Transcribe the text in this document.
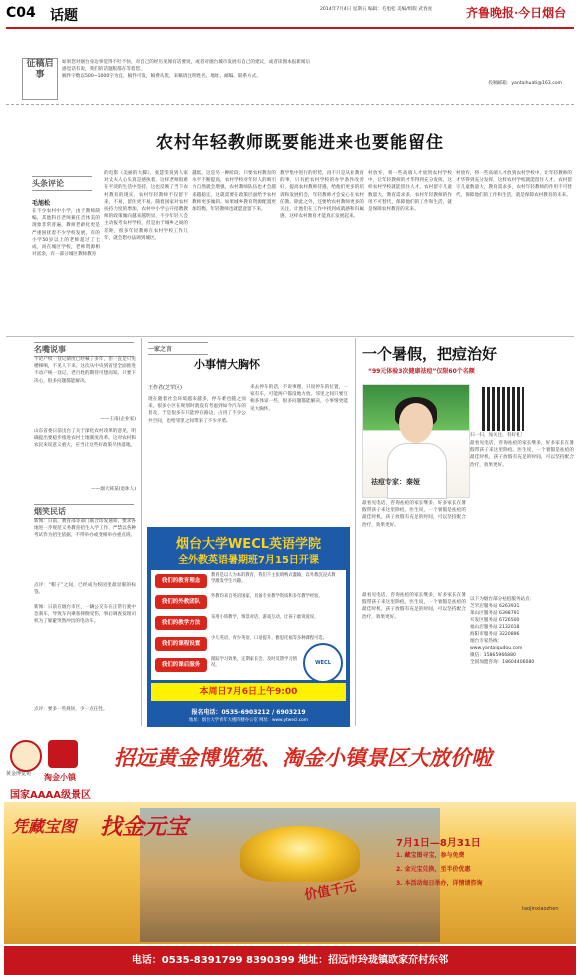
C04 话题	2014年7月4日 星期五 编辑：毛旭松 美编/组版 武春虎	齐鲁晚报·今日烟台
征稿启事
如果您对烟台身边事觉得不吐不快，对自己的经历见闻有话要说，或者对烟台城市发展有自己的建议，或者读图本报新闻后
感觉话有说，我们的话题版都在等着您。
稿件字数以500~1000字为宜，稿件可发，稿费从优，来稿请注明姓名、地址、邮编、联系方式。
投稿邮箱：yantaihuati@163.com
农村年轻教师既要能进来也要能留住
头条评论
毛旭松
在不少农村中小学，由于教师缺编，其他科目老师兼任音体美的现象非常普遍，教师老龄化更是严重困扰着不少学校发展，有的小学50岁以上的老师超过了七成，而在城区学校，老师资源相对富余，有一部分城区教师教育
的电影《美丽的大脚》，张慧雯说到人家对丈夫人心头真是感执着，这样老师很难在平淡的生活中坚持，这也反映了当下农村教育的现实，农村年轻教师不仅留下来，不易，留住更不易。随着国家对农村扶持力度的增加，农村中小学公开招聘教师的政策倾向越来越明显，不少年轻人会主动报考农村学校，但是由于城乡之间的差距，很多年轻教师在农村学校工作几年，就会想办法调到城区。
越低，这是另一种阶段；只要农村教育的水平不断提高，农村学校对年轻人的吸引力自然就会增强，农村教师队伍也才会越来越稳定。这就需要在政策层面给予农村教师更多倾斜。如果城乡教育资源配置更加均衡，年轻教师也就愿意留下来。
教学集中进行的形势，再不只是从业教育的事，只有把农村学校的办学条件改善好，提高农村教师待遇，给他们更多的培训和发展机会，年轻教师才会安心在农村任教。除此之外，还要给农村教师更多的关注，让他们在工作中找到成就感和归属感，这样农村教育才能真正发展起来。
村放弃，将一些高端人才放到农村学校中，让年轻教师的才华得到充分发挥，这样农村学校就能留住人才。农村留守儿童数量大，教育需求多，农村年轻教师的作用不可替代，保障他们的工作和生活，就是保障农村教育的未来。
村放弃，将一些高端人才放到农村学校中，让年轻教师的才华得到充分发挥，这样农村学校就能留住人才。农村留守儿童数量大，教育需求多，农村年轻教师的作用不可替代，保障他们的工作和生活，就是保障农村教育的未来。
名嘴说事
不论产权一登记制度已经喊了多年，但一直是只见楼梯响，不见人下来。这次从中央到省里全面推进不动产统一登记，老百姓的期待可想而知。只要下决心，很多问题都能解决。
——王南(企业家)
山东省委日前出台了关于深化农村改革的意见，明确提出要稳步推进农村土地制度改革。这对农村和农民来说意义重大，应当让这些好政策尽快落地。
——烟大韩某(退休人)
烟笑民话
新闻：日前，教育部等部门联合印发通知，要求各地进一步规范义务教育招生入学工作，严禁以各种考试作为招生依据，不得举办或变相举办重点班。
点评：“帽子”之间，已经成为校园里最显眼的标签。
新闻：日前在烟台市区，一辆公交车在正常行驶中急刹车，导致车内乘客摔倒受伤，事后调查发现司机为了躲避突然冲出的电动车。
点评：要多一些规矩，少一点任性。
一家之言
小事情大胸怀
王作君(芝罘区)
现在随着社会环境越来越多，停车难也随之而来，很多小区在规划时就没有考虑到如今汽车的普及，于是很多车只能停在路边，占用了不少公共空间，也给邻里之间带来了不少矛盾。
来去停车的话，不说事理，只说停车的位置，一家有车，可能两户都没地方放。邻里之间只要互相多体谅一些，很多问题都能解决，小事情更能见大胸怀。
一个暑假，把痘治好
“99元体验3次健康祛痘”仅限60个名额
扫一扫，加关注，有好礼！
祛痘专家：秦娅
最看见电话，咨询祛痘的家长继多，好多家长在暑假带孩子来这里除痘。医生说，一个暑假是祛痘的最佳时机，孩子放假有充足的时间，可以坚持配合治疗，效果更好。
最看见电话，咨询祛痘的家长继多，好多家长在暑假带孩子来这里除痘。医生说，一个暑假是祛痘的最佳时机，孩子放假有充足的时间，可以坚持配合治疗，效果更好。
最看见电话，咨询祛痘的家长继多，好多家长在暑假带孩子来这里除痘。医生说，一个暑假是祛痘的最佳时机，孩子放假有充足的时间，可以坚持配合治疗，效果更好。
以下为烟台部分祛痘服务站点：
芝罘店服务站 6263931
莱山区服务站 6398791
开发区服务站 6726500
福山店服务站 2132018
海阳市服务站 3220896
烟台专家热线：
www.yantaiqudou.com
微信：15865966880
全国加盟咨询：18604406080
烟台大学WECL英语学院
全外教英语暑期班7月15日开课
我们的教育理念
教育是以人为本的教育，我们不主张填鸭式灌输，以外教沉浸式教学激发学生兴趣。
我们的外教团队
外教均来自英语国家，具备专业教学资质和多年教学经验。
我们的教学方法
采用小班教学，情景对话、游戏互动，让孩子敢说爱说。
我们的课程设置
少儿英语、青少英语、口语提升、雅思托福等多种课程可选。
我们的课后服务
跟踪学习效果，定期家长会，及时反馈学习情况。	WECL
本周日7月6日上午9:00
报名电话：0535-6903212 / 6903219
地址：烟台大学青年大楼四楼办公室 网址：www.ytwecl.com
黄金博览苑 淘金小镇
国家AAAA级景区
招远黄金博览苑、淘金小镇景区大放价啦
凭藏宝图 找金元宝
价值千元
7月1日—8月31日
1. 藏宝图寻宝，参与免费
2. 金元宝兑换，至半价优惠
3. 本活动每日举办，详情请咨询
taojinxiaozhen
电话：0535-8391799 8390399 地址：招远市玲珑镇欧家夼村东邻
